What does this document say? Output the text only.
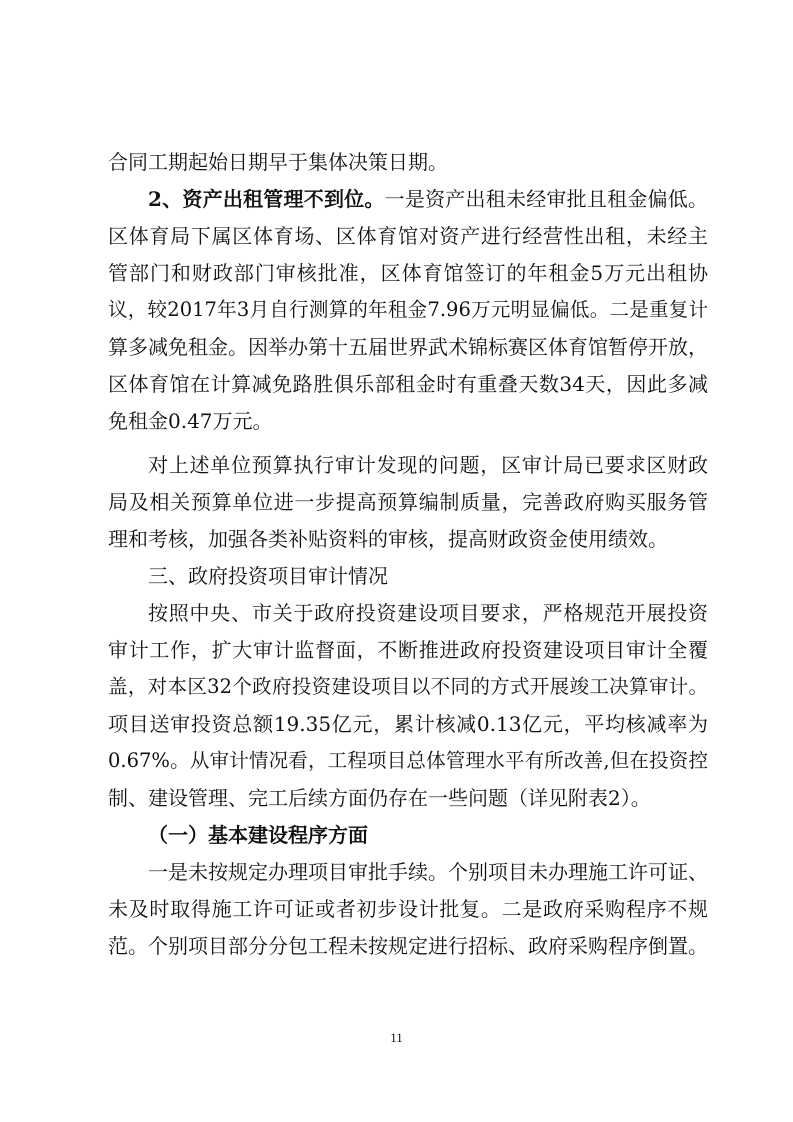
合同工期起始日期早于集体决策日期。
2、资产出租管理不到位。一是资产出租未经审批且租金偏低。
区体育局下属区体育场、区体育馆对资产进行经营性出租，未经主
管部门和财政部门审核批准，区体育馆签订的年租金5万元出租协
议，较2017年3月自行测算的年租金7.96万元明显偏低。二是重复计
算多减免租金。因举办第十五届世界武术锦标赛区体育馆暂停开放，
区体育馆在计算减免路胜俱乐部租金时有重叠天数34天，因此多减
免租金0.47万元。
对上述单位预算执行审计发现的问题，区审计局已要求区财政
局及相关预算单位进一步提高预算编制质量，完善政府购买服务管
理和考核，加强各类补贴资料的审核，提高财政资金使用绩效。
三、政府投资项目审计情况
按照中央、市关于政府投资建设项目要求，严格规范开展投资
审计工作，扩大审计监督面，不断推进政府投资建设项目审计全覆
盖，对本区32个政府投资建设项目以不同的方式开展竣工决算审计。
项目送审投资总额19.35亿元，累计核减0.13亿元，平均核减率为
0.67%。从审计情况看，工程项目总体管理水平有所改善,但在投资控
制、建设管理、完工后续方面仍存在一些问题（详见附表2）。
（一）基本建设程序方面
一是未按规定办理项目审批手续。个别项目未办理施工许可证、
未及时取得施工许可证或者初步设计批复。二是政府采购程序不规
范。个别项目部分分包工程未按规定进行招标、政府采购程序倒置。
11
